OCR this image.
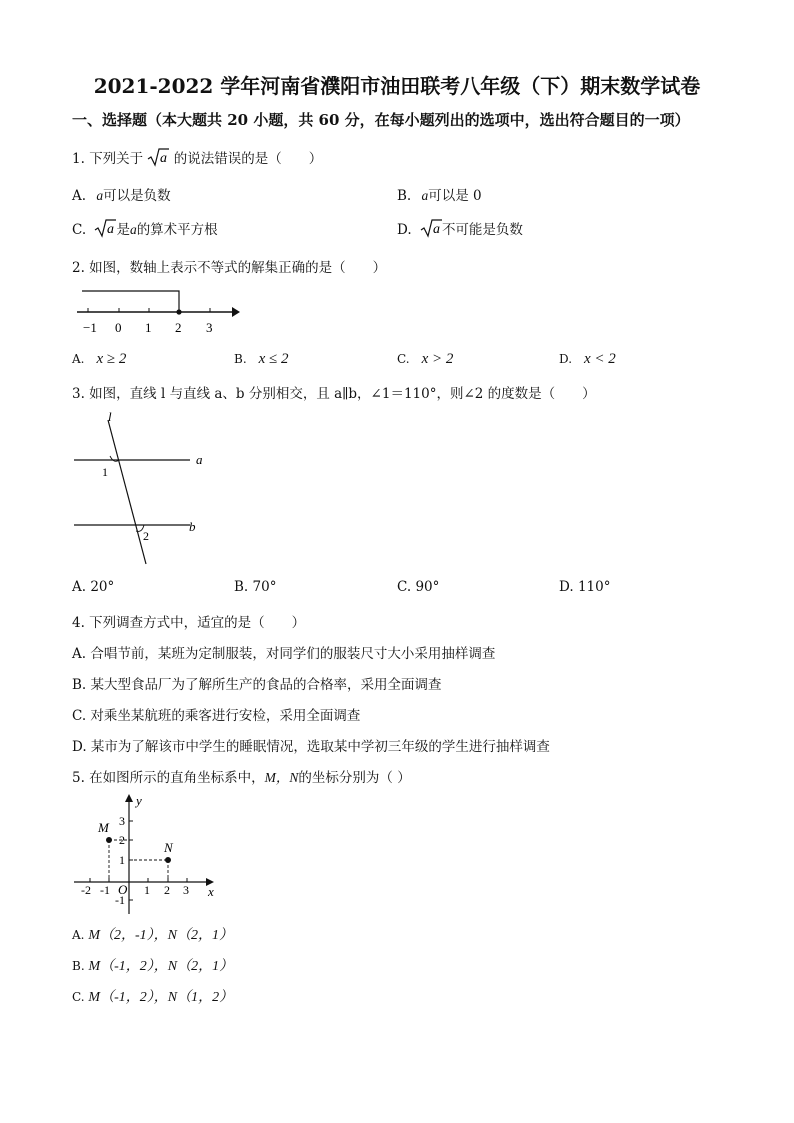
2021-2022 学年河南省濮阳市油田联考八年级（下）期末数学试卷
一、选择题（本大题共 20 小题，共 60 分，在每小题列出的选项中，选出符合题目的一项）
1. 下列关于 a 的说法错误的是（　　）
A. a可以是负数	B. a可以是 0
C. a 是a的算术平方根	D. a 不可能是负数
2. 如图，数轴上表示不等式的解集正确的是（　　）
−1 0 1 2 3
A. x ≥ 2	B. x ≤ 2	C. x > 2	D. x < 2
3. 如图，直线 l 与直线 a、b 分别相交，且 a∥b，∠1＝110°，则∠2 的度数是（　　）
l
a
b
1
2
A. 20°	B. 70°	C. 90°	D. 110°
4. 下列调查方式中，适宜的是（　　）
A. 合唱节前，某班为定制服装，对同学们的服装尺寸大小采用抽样调查
B. 某大型食品厂为了解所生产的食品的合格率，采用全面调查
C. 对乘坐某航班的乘客进行安检，采用全面调查
D. 某市为了解该市中学生的睡眠情况，选取某中学初三年级的学生进行抽样调查
5. 在如图所示的直角坐标系中，M，N的坐标分别为（ ）
y
x
O
M
N
-2 -1	1 2 3
3
2
1
-1
A. M（2，-1），N（2，1）
B. M（-1，2），N（2，1）
C. M（-1，2），N（1，2）
